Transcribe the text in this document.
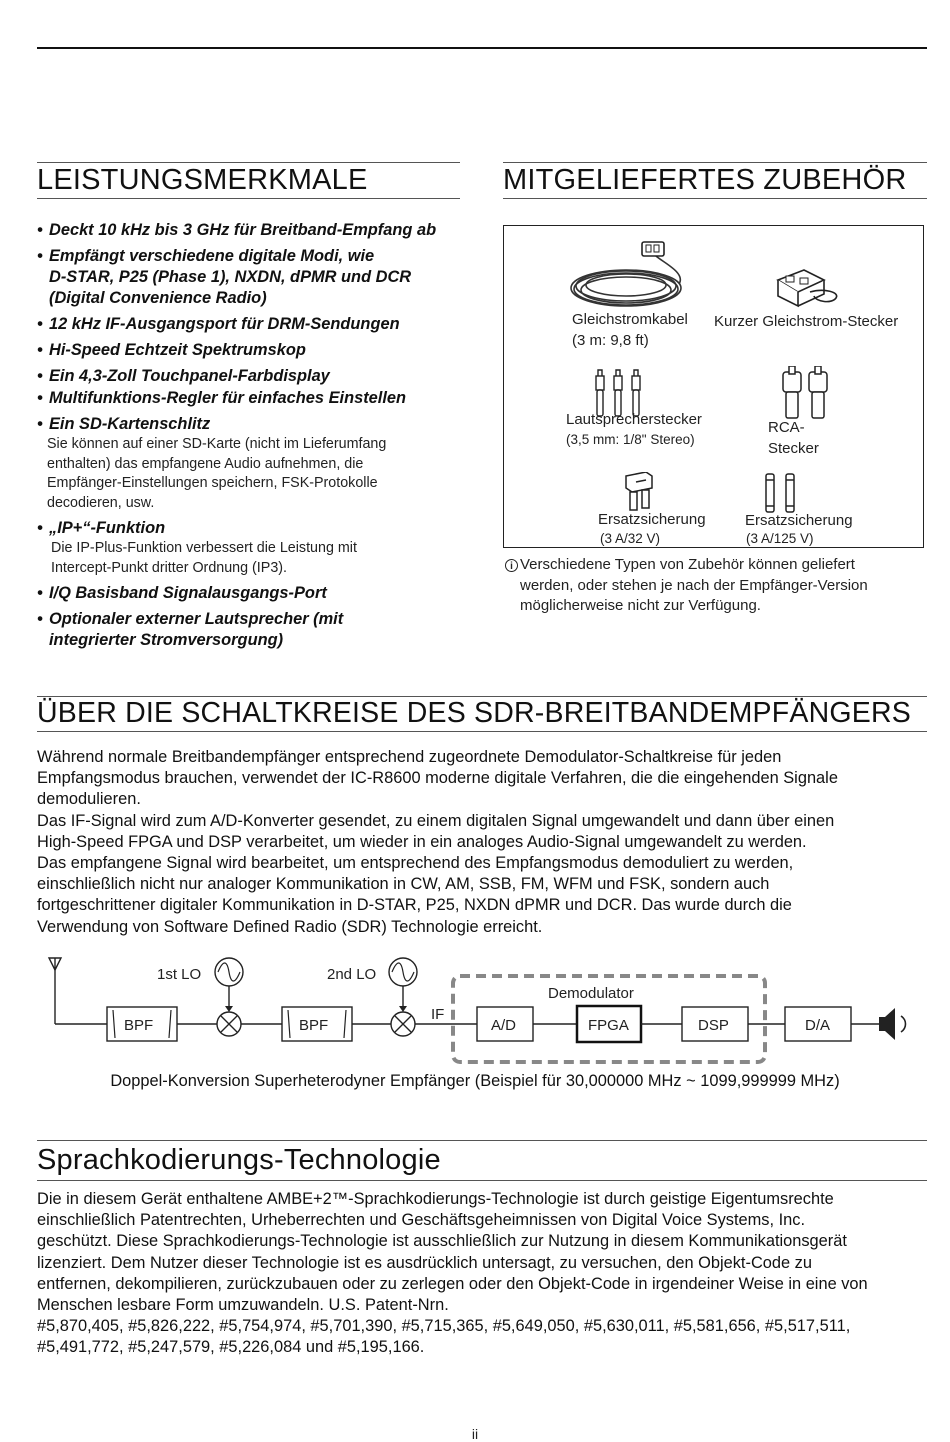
LEISTUNGSMERKMALE
• Deckt 10 kHz bis 3 GHz für Breitband-Empfang ab
• Empfängt verschiedene digitale Modi, wie
D-STAR, P25 (Phase 1), NXDN, dPMR und DCR
(Digital Convenience Radio)
• 12 kHz IF-Ausgangsport für DRM-Sendungen
• Hi-Speed Echtzeit Spektrumskop
• Ein 4,3-Zoll Touchpanel-Farbdisplay
• Multifunktions-Regler für einfaches Einstellen
• Ein SD-Kartenschlitz
Sie können auf einer SD-Karte (nicht im Lieferumfang
enthalten) das empfangene Audio aufnehmen, die
Empfänger-Einstellungen speichern, FSK-Protokolle
decodieren, usw.
• „IP+“-Funktion
Die IP-Plus-Funktion verbessert die Leistung mit
Intercept-Punkt dritter Ordnung (IP3).
• I/Q Basisband Signalausgangs-Port
• Optionaler externer Lautsprecher (mit
integrierter Stromversorgung)
MITGELIEFERTES ZUBEHÖR
Gleichstromkabel
(3 m: 9,8 ft)
Kurzer Gleichstrom-Stecker
Lautsprecherstecker
(3,5 mm: 1/8" Stereo)
RCA-
Stecker
Ersatzsicherung
(3 A/32 V)
Ersatzsicherung
(3 A/125 V)
i Verschiedene Typen von Zubehör können geliefert
werden, oder stehen je nach der Empfänger-Version
möglicherweise nicht zur Verfügung.
ÜBER DIE SCHALTKREISE DES SDR-BREITBANDEMPFÄNGERS
Während normale Breitbandempfänger entsprechend zugeordnete Demodulator-Schaltkreise für jeden
Empfangsmodus brauchen, verwendet der IC-R8600 moderne digitale Verfahren, die die eingehenden Signale
demodulieren.
Das IF-Signal wird zum A/D-Konverter gesendet, zu einem digitalen Signal umgewandelt und dann über einen
High-Speed FPGA und DSP verarbeitet, um wieder in ein analoges Audio-Signal umgewandelt zu werden.
Das empfangene Signal wird bearbeitet, um entsprechend des Empfangsmodus demoduliert zu werden,
einschließlich nicht nur analoger Kommunikation in CW, AM, SSB, FM, WFM und FSK, sondern auch
fortgeschrittener digitaler Kommunikation in D-STAR, P25, NXDN dPMR und DCR. Das wurde durch die
Verwendung von Software Defined Radio (SDR) Technologie erreicht.
BPF
1st LO
BPF
2nd LO
IF
Demodulator
A/D	FPGA	DSP	D/A
Doppel-Konversion Superheterodyner Empfänger (Beispiel für 30,000000 MHz ~ 1099,999999 MHz)
Sprachkodierungs-Technologie
Die in diesem Gerät enthaltene AMBE+2™-Sprachkodierungs-Technologie ist durch geistige Eigentumsrechte
einschließlich Patentrechten, Urheberrechten und Geschäftsgeheimnissen von Digital Voice Systems, Inc.
geschützt. Diese Sprachkodierungs-Technologie ist ausschließlich zur Nutzung in diesem Kommunikationsgerät
lizenziert. Dem Nutzer dieser Technologie ist es ausdrücklich untersagt, zu versuchen, den Objekt-Code zu
entfernen, dekompilieren, zurückzubauen oder zu zerlegen oder den Objekt-Code in irgendeiner Weise in eine von
Menschen lesbare Form umzuwandeln. U.S. Patent-Nrn.
#5,870,405, #5,826,222, #5,754,974, #5,701,390, #5,715,365, #5,649,050, #5,630,011, #5,581,656, #5,517,511,
#5,491,772, #5,247,579, #5,226,084 und #5,195,166.
ii
